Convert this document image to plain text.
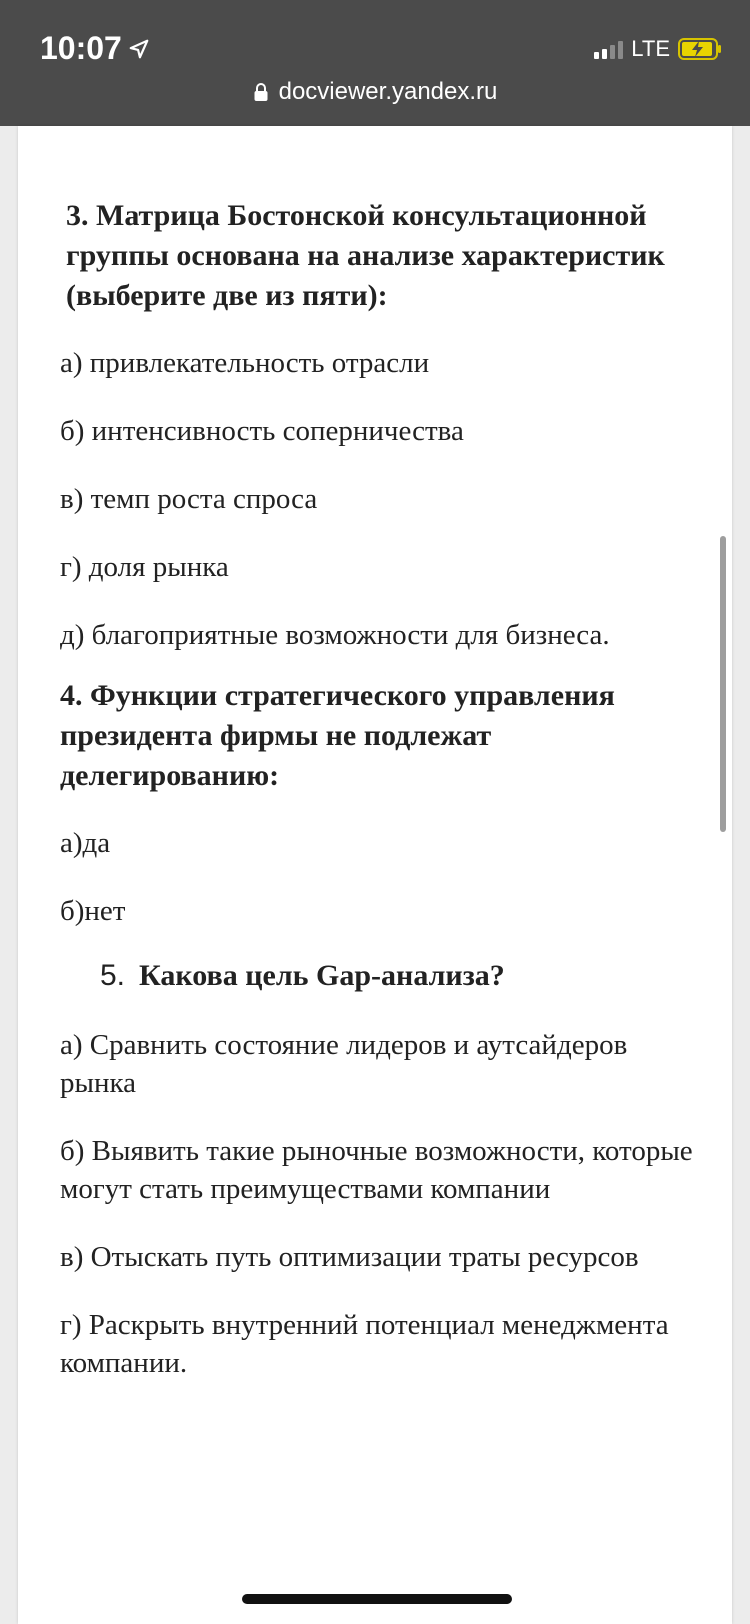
10:07	LTE
docviewer.yandex.ru

3. Матрица Бостонской консультационной группы основана на анализе характеристик (выберите две из пяти):

а) привлекательность отрасли

б) интенсивность соперничества

в) темп роста спроса

г) доля рынка

д) благоприятные возможности для бизнеса.

4. Функции стратегического управления президента фирмы не подлежат делегированию:

а)да

б)нет

5. Какова цель Gap-анализа?

а) Сравнить состояние лидеров и аутсайдеров рынка

б) Выявить такие рыночные возможности, которые могут стать преимуществами компании

в) Отыскать путь оптимизации траты ресурсов

г) Раскрыть внутренний потенциал менеджмента компании.
